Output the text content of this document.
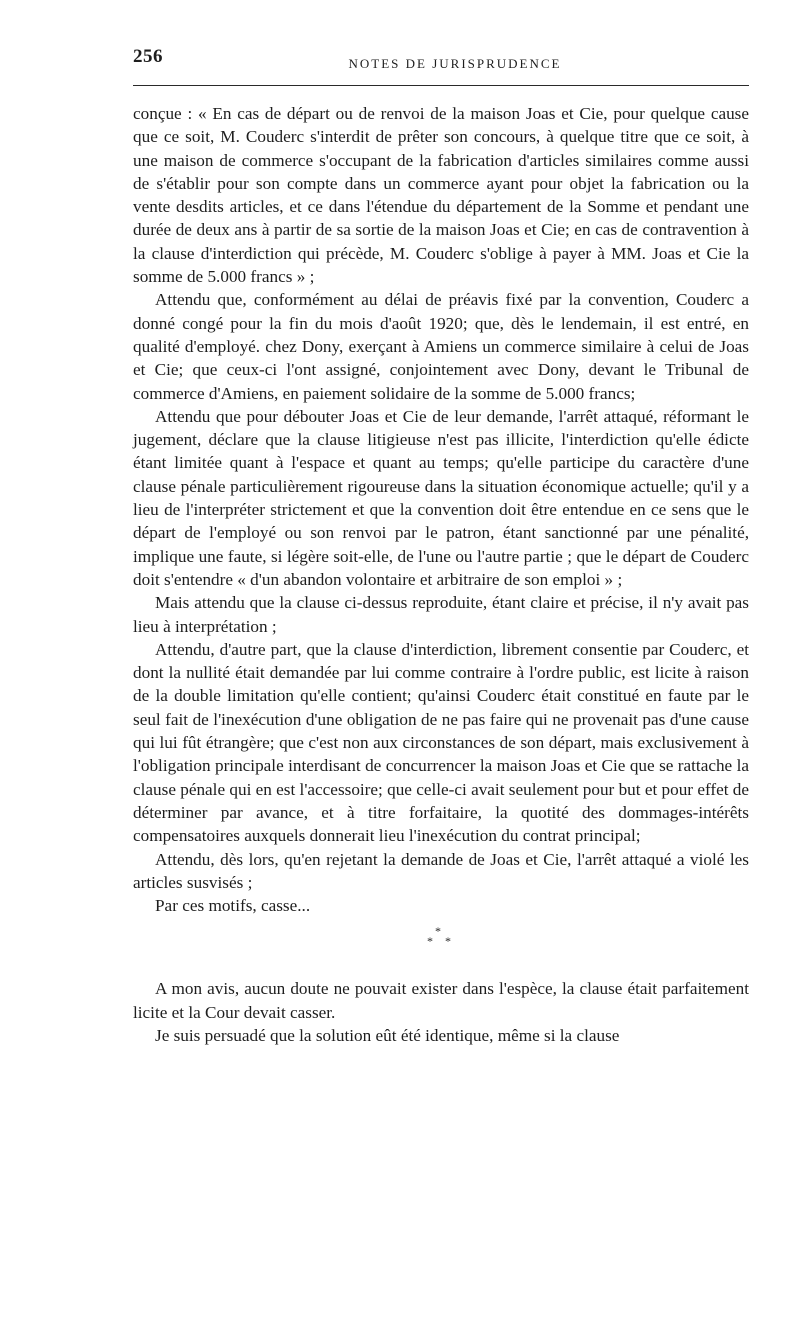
256	NOTES DE JURISPRUDENCE

conçue : « En cas de départ ou de renvoi de la maison Joas et Cie, pour quelque cause que ce soit, M. Couderc s'interdit de prêter son concours, à quelque titre que ce soit, à une maison de commerce s'occupant de la fabrication d'articles similaires comme aussi de s'établir pour son compte dans un commerce ayant pour objet la fabrication ou la vente desdits articles, et ce dans l'étendue du département de la Somme et pendant une durée de deux ans à partir de sa sortie de la maison Joas et Cie; en cas de contravention à la clause d'interdiction qui précède, M. Couderc s'oblige à payer à MM. Joas et Cie la somme de 5.000 francs » ;

Attendu que, conformément au délai de préavis fixé par la convention, Couderc a donné congé pour la fin du mois d'août 1920; que, dès le lendemain, il est entré, en qualité d'employé. chez Dony, exerçant à Amiens un commerce similaire à celui de Joas et Cie; que ceux-ci l'ont assigné, conjointement avec Dony, devant le Tribunal de commerce d'Amiens, en paiement solidaire de la somme de 5.000 francs;

Attendu que pour débouter Joas et Cie de leur demande, l'arrêt attaqué, réformant le jugement, déclare que la clause litigieuse n'est pas illicite, l'interdiction qu'elle édicte étant limitée quant à l'espace et quant au temps; qu'elle participe du caractère d'une clause pénale particulièrement rigoureuse dans la situation économique actuelle; qu'il y a lieu de l'interpréter strictement et que la convention doit être entendue en ce sens que le départ de l'employé ou son renvoi par le patron, étant sanctionné par une pénalité, implique une faute, si légère soit-elle, de l'une ou l'autre partie ; que le départ de Couderc doit s'entendre « d'un abandon volontaire et arbitraire de son emploi » ;

Mais attendu que la clause ci-dessus reproduite, étant claire et précise, il n'y avait pas lieu à interprétation ;

Attendu, d'autre part, que la clause d'interdiction, librement consentie par Couderc, et dont la nullité était demandée par lui comme contraire à l'ordre public, est licite à raison de la double limitation qu'elle contient; qu'ainsi Couderc était constitué en faute par le seul fait de l'inexécution d'une obligation de ne pas faire qui ne provenait pas d'une cause qui lui fût étrangère; que c'est non aux circonstances de son départ, mais exclusivement à l'obligation principale interdisant de concurrencer la maison Joas et Cie que se rattache la clause pénale qui en est l'accessoire; que celle-ci avait seulement pour but et pour effet de déterminer par avance, et à titre forfaitaire, la quotité des dommages-intérêts compensatoires auxquels donnerait lieu l'inexécution du contrat principal;

Attendu, dès lors, qu'en rejetant la demande de Joas et Cie, l'arrêt attaqué a violé les articles susvisés ;

Par ces motifs, casse...

*
* *

A mon avis, aucun doute ne pouvait exister dans l'espèce, la clause était parfaitement licite et la Cour devait casser.

Je suis persuadé que la solution eût été identique, même si la clause
